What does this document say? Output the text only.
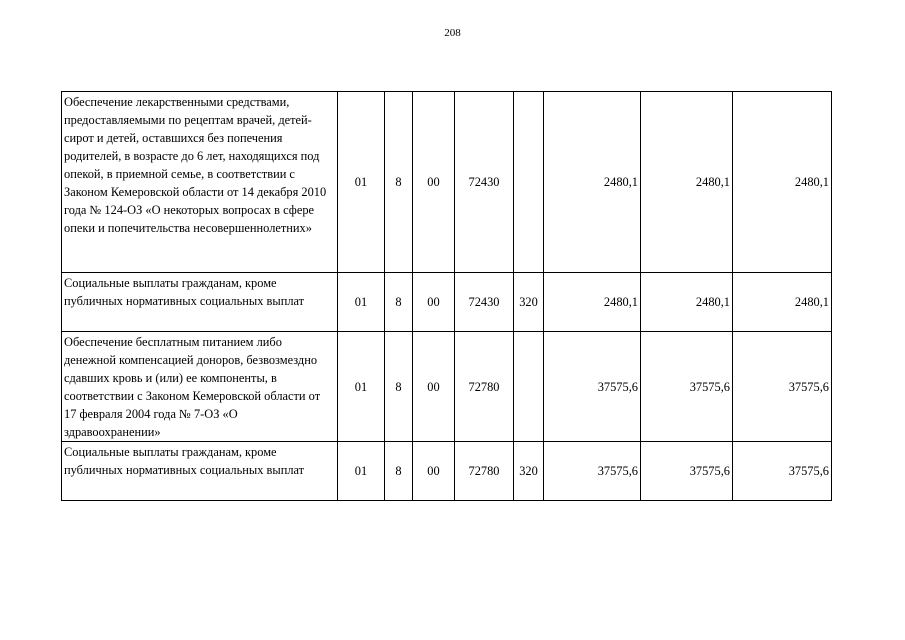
208
Обеспечение лекарственными средствами, предоставляемыми по рецептам врачей, детей-сирот и детей, оставшихся без попечения родителей, в возрасте до 6 лет, находящихся под опекой, в приемной семье, в соответствии с Законом Кемеровской области от 14 декабря 2010 года № 124-ОЗ «О некоторых вопросах в сфере опеки и попечительства несовершеннолетних»	01	8	00	72430		2480,1	2480,1	2480,1
Социальные выплаты гражданам, кроме публичных нормативных социальных выплат	01	8	00	72430	320	2480,1	2480,1	2480,1
Обеспечение бесплатным питанием либо денежной компенсацией доноров, безвозмездно сдавших кровь и (или) ее компоненты, в соответствии с Законом Кемеровской области от 17 февраля 2004 года № 7-ОЗ «О здравоохранении»	01	8	00	72780		37575,6	37575,6	37575,6
Социальные выплаты гражданам, кроме публичных нормативных социальных выплат	01	8	00	72780	320	37575,6	37575,6	37575,6
